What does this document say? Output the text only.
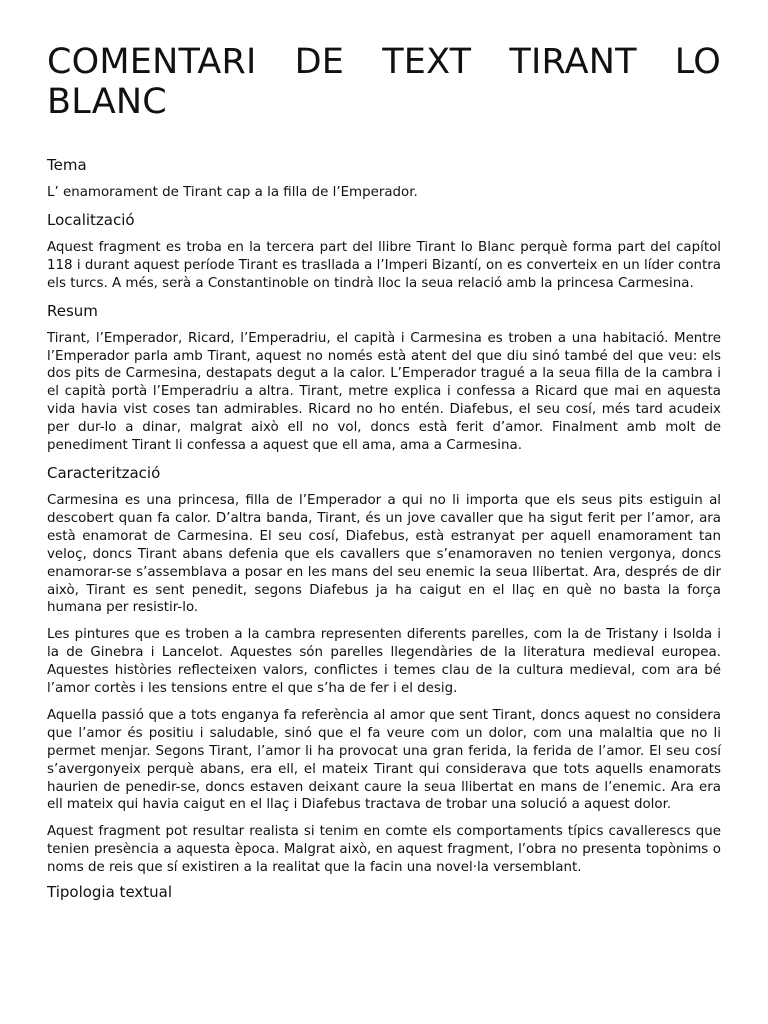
COMENTARI DE TEXT TIRANT LO BLANC
Tema

L’ enamorament de Tirant cap a la filla de l’Emperador.

Localització

Aquest fragment es troba en la tercera part del llibre Tirant lo Blanc perquè forma part del capítol 118 i durant aquest període Tirant es trasllada a l’Imperi Bizantí, on es converteix en un líder contra els turcs. A més, serà a Constantinoble on tindrà lloc la seua relació amb la princesa Carmesina.

Resum

Tirant, l’Emperador, Ricard, l’Emperadriu, el capità i Carmesina es troben a una habitació. Mentre l’Emperador parla amb Tirant, aquest no només està atent del que diu sinó també del que veu: els dos pits de Carmesina, destapats degut a la calor. L’Emperador tragué a la seua filla de la cambra i el capità portà l’Emperadriu a altra. Tirant, metre explica i confessa a Ricard que mai en aquesta vida havia vist coses tan admirables. Ricard no ho entén. Diafebus, el seu cosí, més tard acudeix per dur-lo a dinar, malgrat això ell no vol, doncs està ferit d’amor. Finalment amb molt de penediment Tirant li confessa a aquest que ell ama, ama a Carmesina.

Caracterització

Carmesina es una princesa, filla de l’Emperador a qui no li importa que els seus pits estiguin al descobert quan fa calor. D’altra banda, Tirant, és un jove cavaller que ha sigut ferit per l’amor, ara està enamorat de Carmesina. El seu cosí, Diafebus, està estranyat per aquell enamorament tan veloç, doncs Tirant abans defenia que els cavallers que s’enamoraven no tenien vergonya, doncs enamorar-se s’assemblava a posar en les mans del seu enemic la seua llibertat. Ara, després de dir això, Tirant es sent penedit, segons Diafebus ja ha caigut en el llaç en què no basta la força humana per resistir-lo.

Les pintures que es troben a la cambra representen diferents parelles, com la de Tristany i Isolda i la de Ginebra i Lancelot. Aquestes són parelles llegendàries de la literatura medieval europea. Aquestes històries reflecteixen valors, conflictes i temes clau de la cultura medieval, com ara bé l’amor cortès i les tensions entre el que s’ha de fer i el desig.

Aquella passió que a tots enganya fa referència al amor que sent Tirant, doncs aquest no considera que l’amor és positiu i saludable, sinó que el fa veure com un dolor, com una malaltia que no li permet menjar. Segons Tirant, l’amor li ha provocat una gran ferida, la ferida de l’amor. El seu cosí s’avergonyeix perquè abans, era ell, el mateix Tirant qui considerava que tots aquells enamorats haurien de penedir-se, doncs estaven deixant caure la seua llibertat en mans de l’enemic. Ara era ell mateix qui havia caigut en el llaç i Diafebus tractava de trobar una solució a aquest dolor.

Aquest fragment pot resultar realista si tenim en comte els comportaments típics cavallerescs que tenien presència a aquesta època. Malgrat això, en aquest fragment, l’obra no presenta topònims o noms de reis que sí existiren a la realitat que la facin una novel·la versemblant.

Tipologia textual
